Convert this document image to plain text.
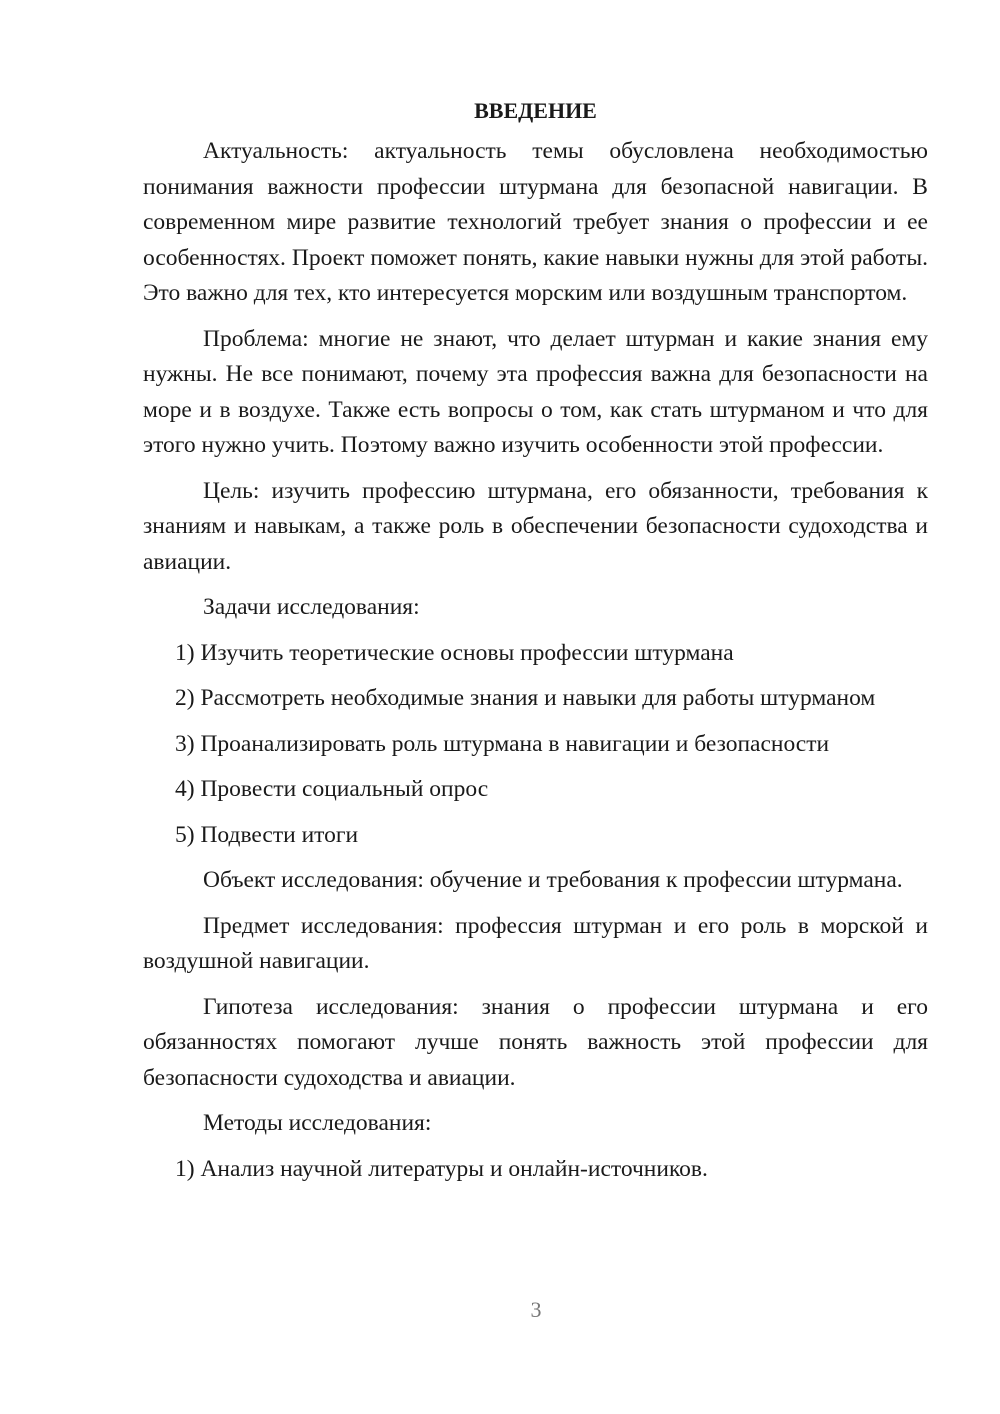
ВВЕДЕНИЕ

Актуальность: актуальность темы обусловлена необходимостью понимания важности профессии штурмана для безопасной навигации. В современном мире развитие технологий требует знания о профессии и ее особенностях. Проект поможет понять, какие навыки нужны для этой работы. Это важно для тех, кто интересуется морским или воздушным транспортом.

Проблема: многие не знают, что делает штурман и какие знания ему нужны. Не все понимают, почему эта профессия важна для безопасности на море и в воздухе. Также есть вопросы о том, как стать штурманом и что для этого нужно учить. Поэтому важно изучить особенности этой профессии.

Цель: изучить профессию штурмана, его обязанности, требования к знаниям и навыкам, а также роль в обеспечении безопасности судоходства и авиации.

Задачи исследования:

1) Изучить теоретические основы профессии штурмана
2) Рассмотреть необходимые знания и навыки для работы штурманом
3) Проанализировать роль штурмана в навигации и безопасности
4) Провести социальный опрос
5) Подвести итоги

Объект исследования: обучение и требования к профессии штурмана.

Предмет исследования: профессия штурман и его роль в морской и воздушной навигации.

Гипотеза исследования: знания о профессии штурмана и его обязанностях помогают лучше понять важность этой профессии для безопасности судоходства и авиации.

Методы исследования:

1) Анализ научной литературы и онлайн-источников.
3
